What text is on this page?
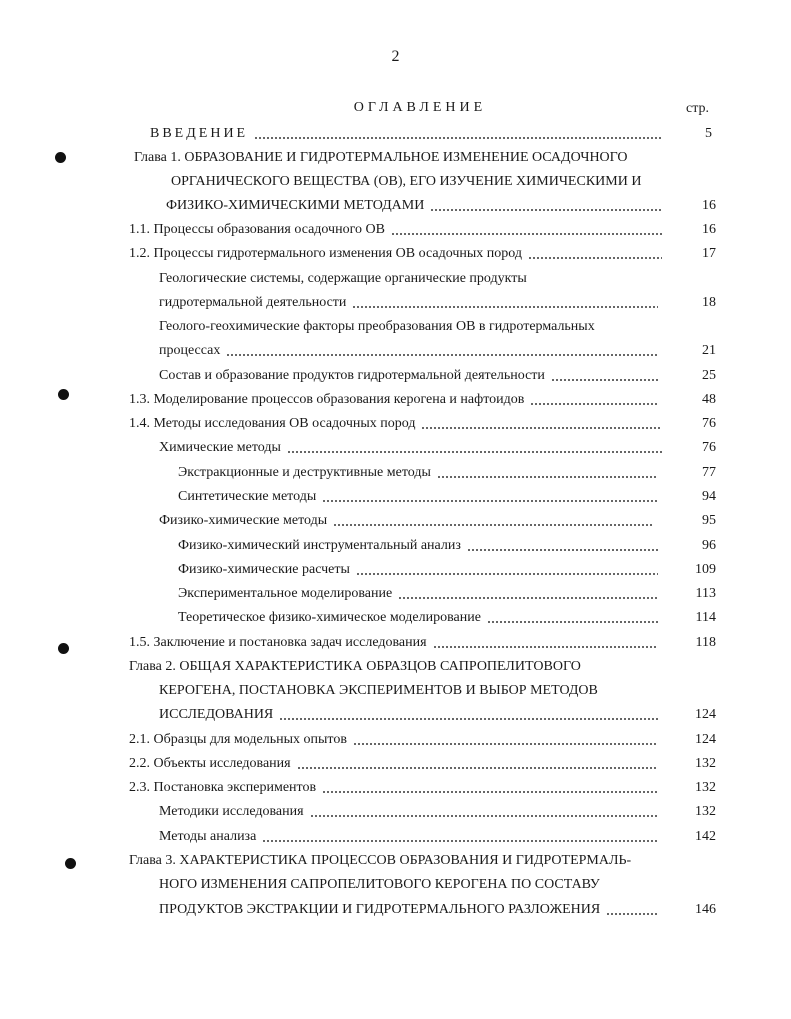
2
ОГЛАВЛЕНИЕ	стр.
ВВЕДЕНИЕ	5
Глава 1. ОБРАЗОВАНИЕ И ГИДРОТЕРМАЛЬНОЕ ИЗМЕНЕНИЕ ОСАДОЧНОГО
ОРГАНИЧЕСКОГО ВЕЩЕСТВА (ОВ), ЕГО ИЗУЧЕНИЕ ХИМИЧЕСКИМИ И
ФИЗИКО-ХИМИЧЕСКИМИ МЕТОДАМИ	16
1.1. Процессы образования осадочного ОВ	16
1.2. Процессы гидротермального изменения ОВ осадочных пород	17
Геологические системы, содержащие органические продукты
гидротермальной деятельности	18
Геолого-геохимические факторы преобразования ОВ в гидротермальных
процессах	21
Состав и образование продуктов гидротермальной деятельности	25
1.3. Моделирование процессов образования керогена и нафтоидов	48
1.4. Методы исследования ОВ осадочных пород	76
Химические методы	76
Экстракционные и деструктивные методы	77
Синтетические методы	94
Физико-химические методы	95
Физико-химический инструментальный анализ	96
Физико-химические расчеты	109
Экспериментальное моделирование	113
Теоретическое физико-химическое моделирование	114
1.5. Заключение и постановка задач исследования	118
Глава 2. ОБЩАЯ ХАРАКТЕРИСТИКА ОБРАЗЦОВ САПРОПЕЛИТОВОГО
КЕРОГЕНА, ПОСТАНОВКА ЭКСПЕРИМЕНТОВ И ВЫБОР МЕТОДОВ
ИССЛЕДОВАНИЯ	124
2.1. Образцы для модельных опытов	124
2.2. Объекты исследования	132
2.3. Постановка экспериментов	132
Методики исследования	132
Методы анализа	142
Глава 3. ХАРАКТЕРИСТИКА ПРОЦЕССОВ ОБРАЗОВАНИЯ И ГИДРОТЕРМАЛЬ-
НОГО ИЗМЕНЕНИЯ САПРОПЕЛИТОВОГО КЕРОГЕНА ПО СОСТАВУ
ПРОДУКТОВ ЭКСТРАКЦИИ И ГИДРОТЕРМАЛЬНОГО РАЗЛОЖЕНИЯ	146
